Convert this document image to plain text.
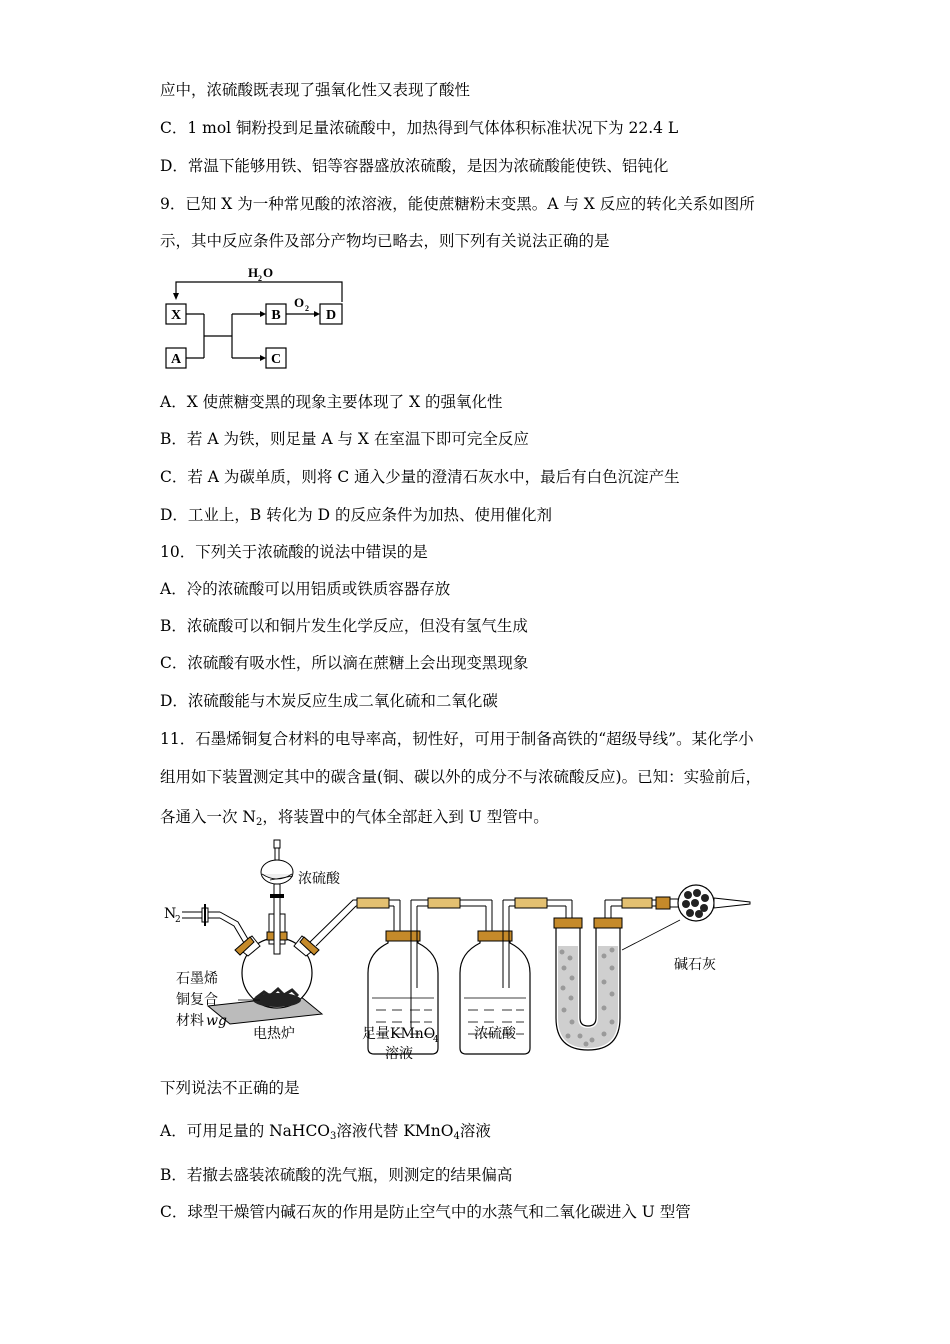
应中，浓硫酸既表现了强氧化性又表现了酸性
C．1 mol 铜粉投到足量浓硫酸中，加热得到气体体积标准状况下为 22.4 L
D．常温下能够用铁、铝等容器盛放浓硫酸，是因为浓硫酸能使铁、铝钝化
9．已知 X 为一种常见酸的浓溶液，能使蔗糖粉末变黑。A 与 X 反应的转化关系如图所
示，其中反应条件及部分产物均已略去，则下列有关说法正确的是
X
A
B
C
D
H 2 O
O 2
A．X 使蔗糖变黑的现象主要体现了 X 的强氧化性
B．若 A 为铁，则足量 A 与 X 在室温下即可完全反应
C．若 A 为碳单质，则将 C 通入少量的澄清石灰水中，最后有白色沉淀产生
D．工业上，B 转化为 D 的反应条件为加热、使用催化剂
10．下列关于浓硫酸的说法中错误的是
A．冷的浓硫酸可以用铝质或铁质容器存放
B．浓硫酸可以和铜片发生化学反应，但没有氢气生成
C．浓硫酸有吸水性，所以滴在蔗糖上会出现变黑现象
D．浓硫酸能与木炭反应生成二氧化硫和二氧化碳
11．石墨烯铜复合材料的电导率高，韧性好，可用于制备高铁的“超级导线”。某化学小
组用如下装置测定其中的碳含量(铜、碳以外的成分不与浓硫酸反应)。已知：实验前后，
各通入一次 $N_2$，将装置中的气体全部赶入到 U 型管中。
N
2
浓硫酸
石墨烯
铜复合
材料 wg
电热炉	足量KMnO
4
溶液
浓硫酸
碱石灰
下列说法不正确的是
A．可用足量的 NaHCO$_3$溶液代替 KMnO$_4$溶液
B．若撤去盛装浓硫酸的洗气瓶，则测定的结果偏高
C．球型干燥管内碱石灰的作用是防止空气中的水蒸气和二氧化碳进入 U 型管
